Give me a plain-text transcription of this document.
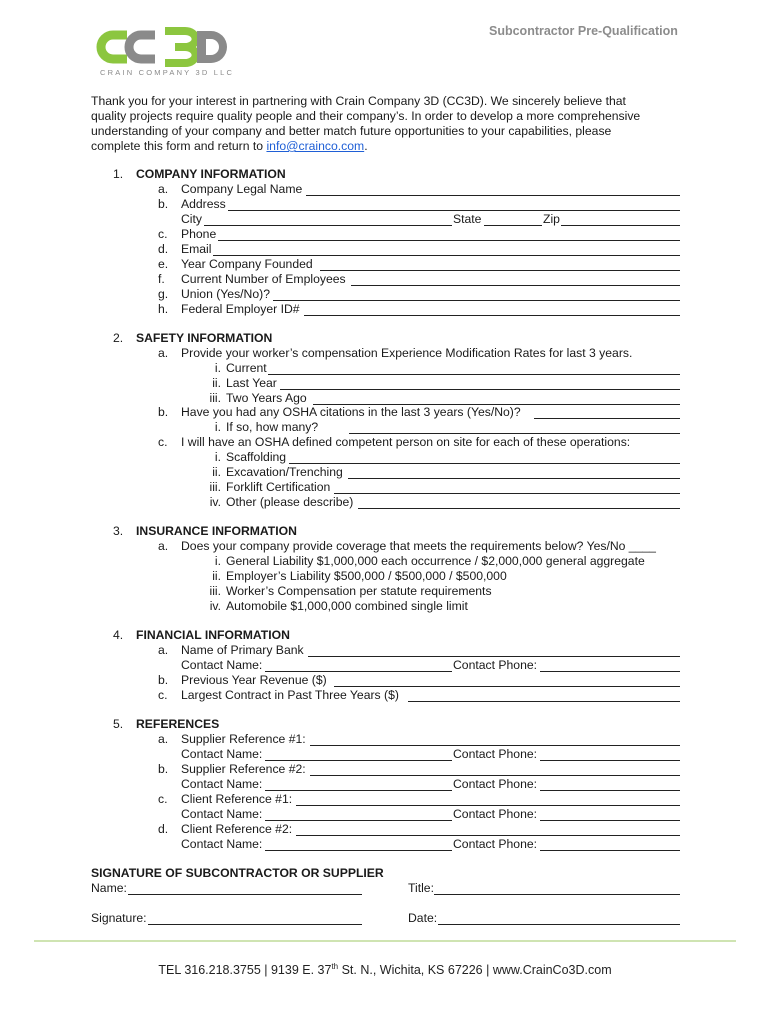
CRAIN COMPANY 3D LLC
Subcontractor Pre-Qualification

Thank you for your interest in partnering with Crain Company 3D (CC3D). We sincerely believe that

quality projects require quality people and their company’s. In order to develop a more comprehensive

understanding of your company and better match future opportunities to your capabilities, please

complete this form and return to info@crainco.com.

1. COMPANY INFORMATION
a. Company Legal Name
b. Address
City	State	Zip
c. Phone
d. Email
e. Year Company Founded
f. Current Number of Employees
g. Union (Yes/No)?
h. Federal Employer ID#
2. SAFETY INFORMATION
a. Provide your worker’s compensation Experience Modification Rates for last 3 years.
i. Current
ii. Last Year
iii. Two Years Ago
b. Have you had any OSHA citations in the last 3 years (Yes/No)?
i. If so, how many?
c. I will have an OSHA defined competent person on site for each of these operations:
i. Scaffolding
ii. Excavation/Trenching
iii. Forklift Certification
iv. Other (please describe)
3. INSURANCE INFORMATION
a. Does your company provide coverage that meets the requirements below? Yes/No ____
i. General Liability $1,000,000 each occurrence / $2,000,000 general aggregate
ii. Employer’s Liability $500,000 / $500,000 / $500,000
iii. Worker’s Compensation per statute requirements
iv. Automobile $1,000,000 combined single limit
4. FINANCIAL INFORMATION
a. Name of Primary Bank
Contact Name:	Contact Phone:
b. Previous Year Revenue ($)
c. Largest Contract in Past Three Years ($)
5. REFERENCES
a. Supplier Reference #1:
Contact Name:	Contact Phone:
b. Supplier Reference #2:
Contact Name:	Contact Phone:
c. Client Reference #1:
Contact Name:	Contact Phone:
d. Client Reference #2:
Contact Name:	Contact Phone:
SIGNATURE OF SUBCONTRACTOR OR SUPPLIER
Name:	Title:
Signature:	Date:
TEL 316.218.3755 | 9139 E. 37th St. N., Wichita, KS 67226 | www.CrainCo3D.com
